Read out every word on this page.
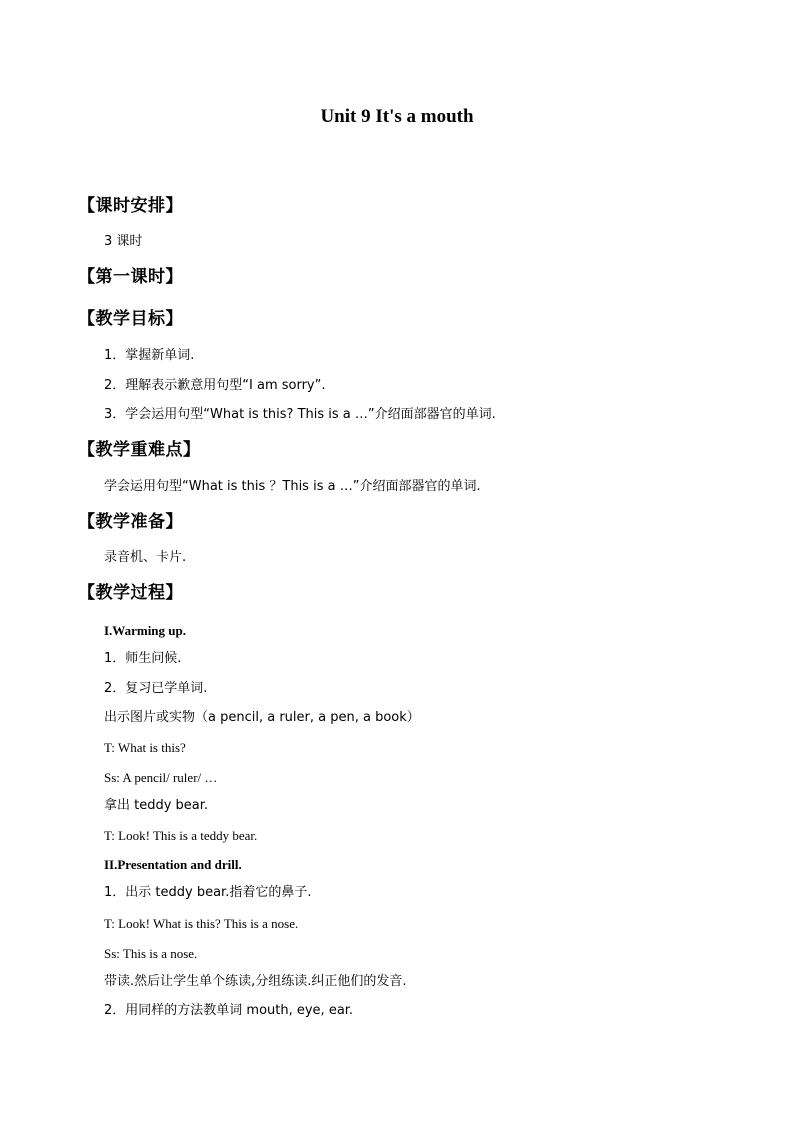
Unit 9 It's a mouth
【课时安排】
3 课时
【第一课时】
【教学目标】
1．掌握新单词.
2．理解表示歉意用句型“I am sorry”.
3．学会运用句型“What is this? This is a …”介绍面部器官的单词.
【教学重难点】
学会运用句型“What is this ？This is a …”介绍面部器官的单词.
【教学准备】
录音机、卡片.
【教学过程】
I.Warming up.
1．师生问候.
2．复习已学单词.
出示图片或实物（a pencil, a ruler, a pen, a book）
T: What is this?
Ss: A pencil/ ruler/ …
拿出 teddy bear.
T: Look! This is a teddy bear.
II.Presentation and drill.
1．出示 teddy bear.指着它的鼻子.
T: Look! What is this? This is a nose.
Ss: This is a nose.
带读.然后让学生单个练读,分组练读.纠正他们的发音.
2．用同样的方法教单词 mouth, eye, ear.
